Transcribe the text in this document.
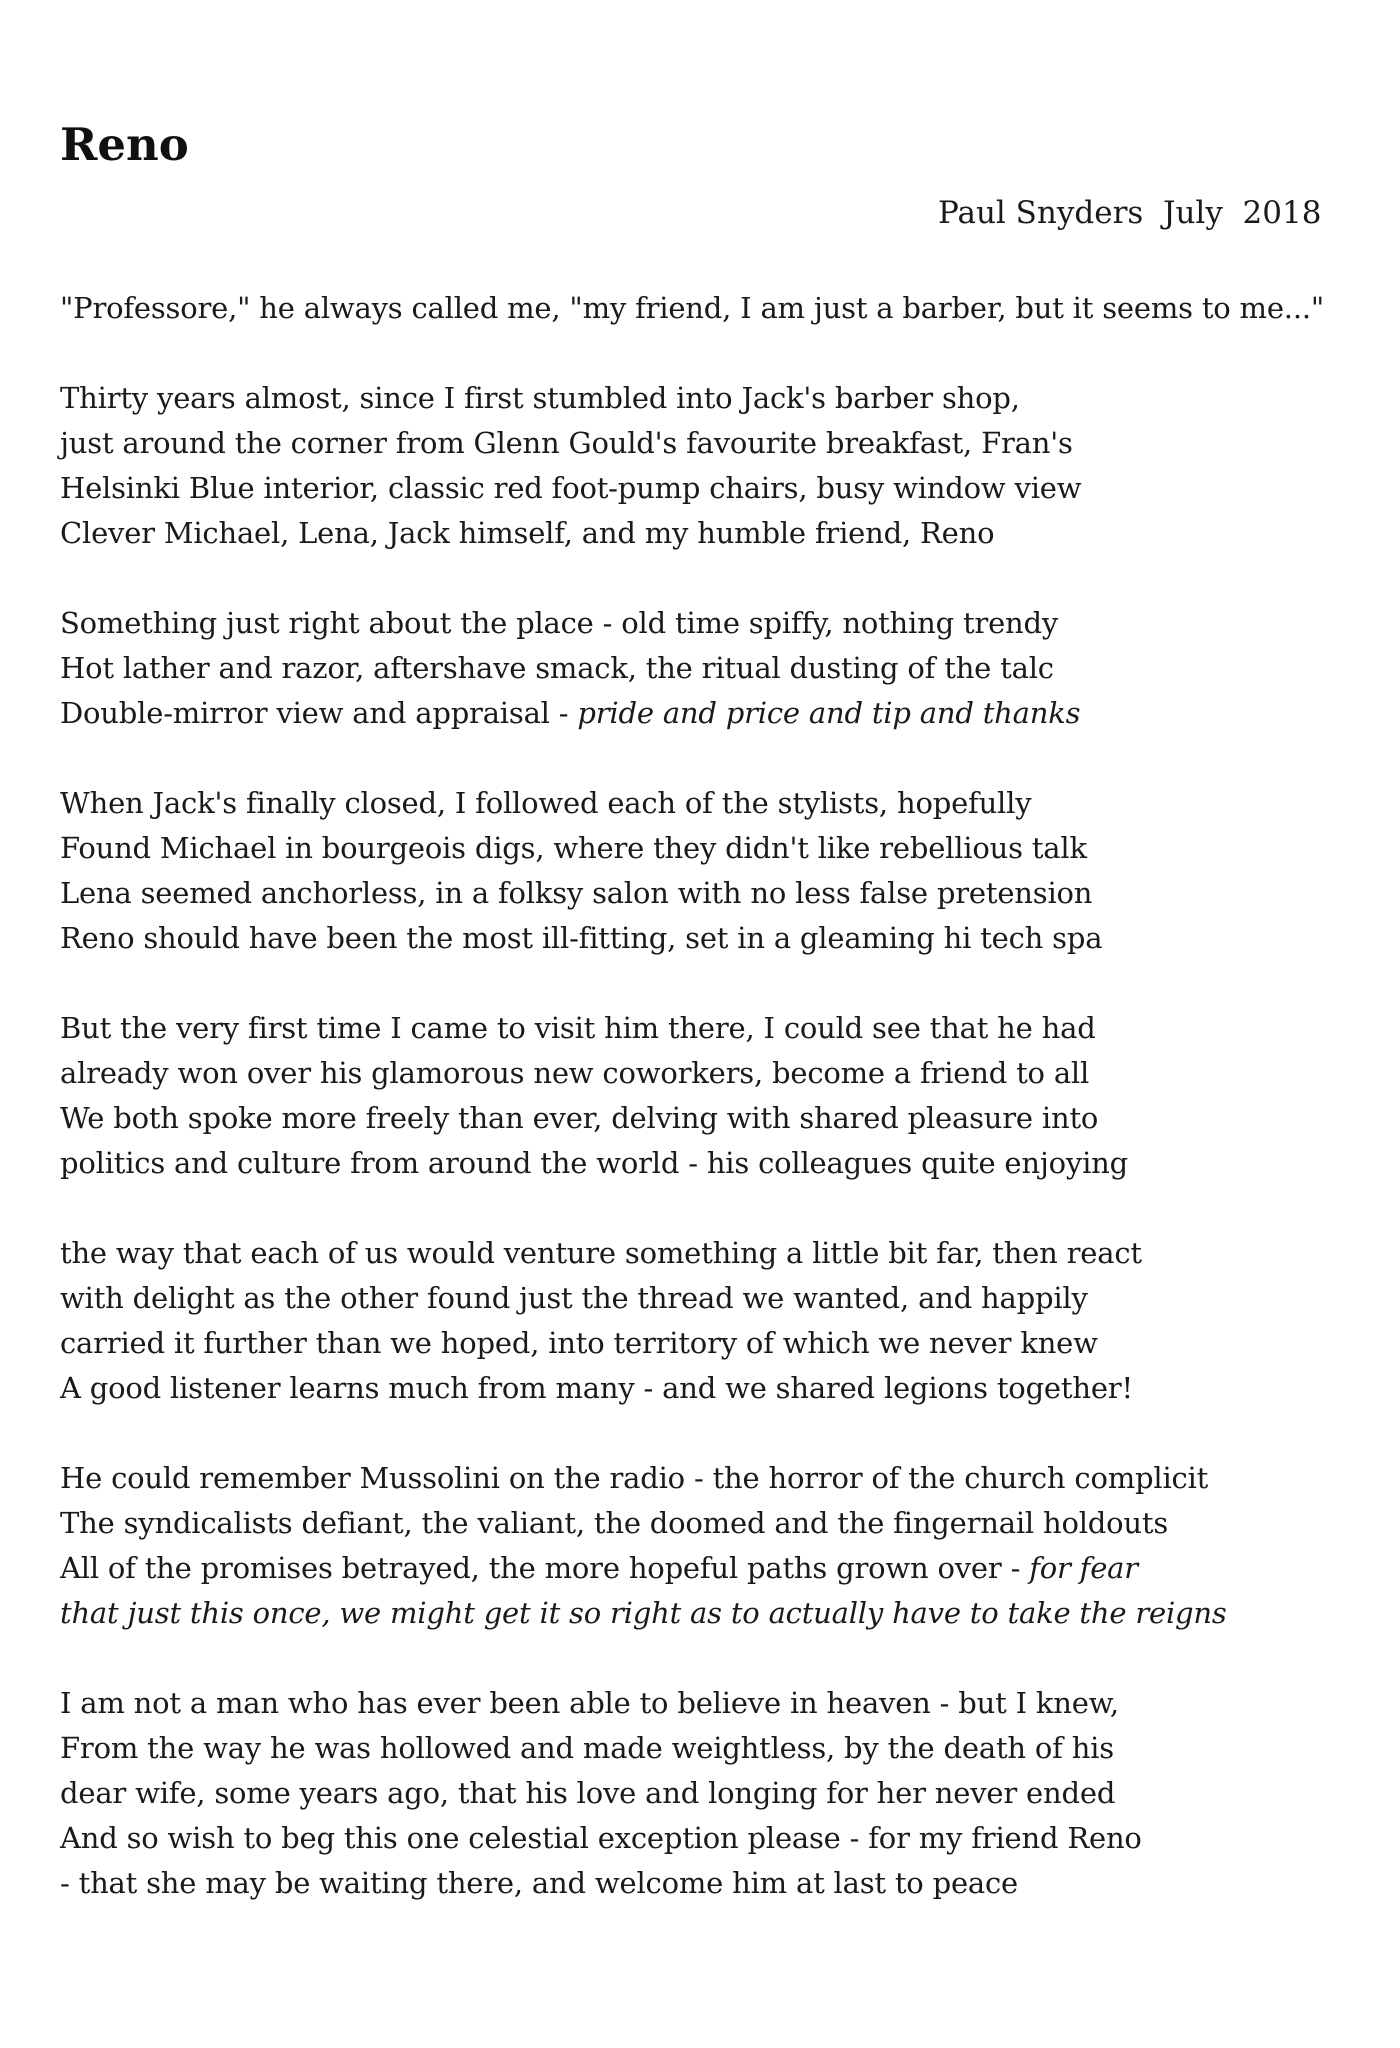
Reno
Paul Snyders  July  2018
"Professore," he always called me, "my friend, I am just a barber, but it seems to me..."
Thirty years almost, since I first stumbled into Jack's barber shop,
just around the corner from Glenn Gould's favourite breakfast, Fran's
Helsinki Blue interior, classic red foot-pump chairs, busy window view
Clever Michael, Lena, Jack himself, and my humble friend, Reno
Something just right about the place - old time spiffy, nothing trendy
Hot lather and razor, aftershave smack, the ritual dusting of the talc
Double-mirror view and appraisal - pride and price and tip and thanks
When Jack's finally closed, I followed each of the stylists, hopefully
Found Michael in bourgeois digs, where they didn't like rebellious talk
Lena seemed anchorless, in a folksy salon with no less false pretension
Reno should have been the most ill-fitting, set in a gleaming hi tech spa
But the very first time I came to visit him there, I could see that he had
already won over his glamorous new coworkers, become a friend to all
We both spoke more freely than ever, delving with shared pleasure into
politics and culture from around the world - his colleagues quite enjoying
the way that each of us would venture something a little bit far, then react
with delight as the other found just the thread we wanted, and happily
carried it further than we hoped, into territory of which we never knew
A good listener learns much from many - and we shared legions together!
He could remember Mussolini on the radio - the horror of the church complicit
The syndicalists defiant, the valiant, the doomed and the fingernail holdouts
All of the promises betrayed, the more hopeful paths grown over - for fear
that just this once, we might get it so right as to actually have to take the reigns
I am not a man who has ever been able to believe in heaven - but I knew,
From the way he was hollowed and made weightless, by the death of his
dear wife, some years ago, that his love and longing for her never ended
And so wish to beg this one celestial exception please - for my friend Reno
- that she may be waiting there, and welcome him at last to peace
